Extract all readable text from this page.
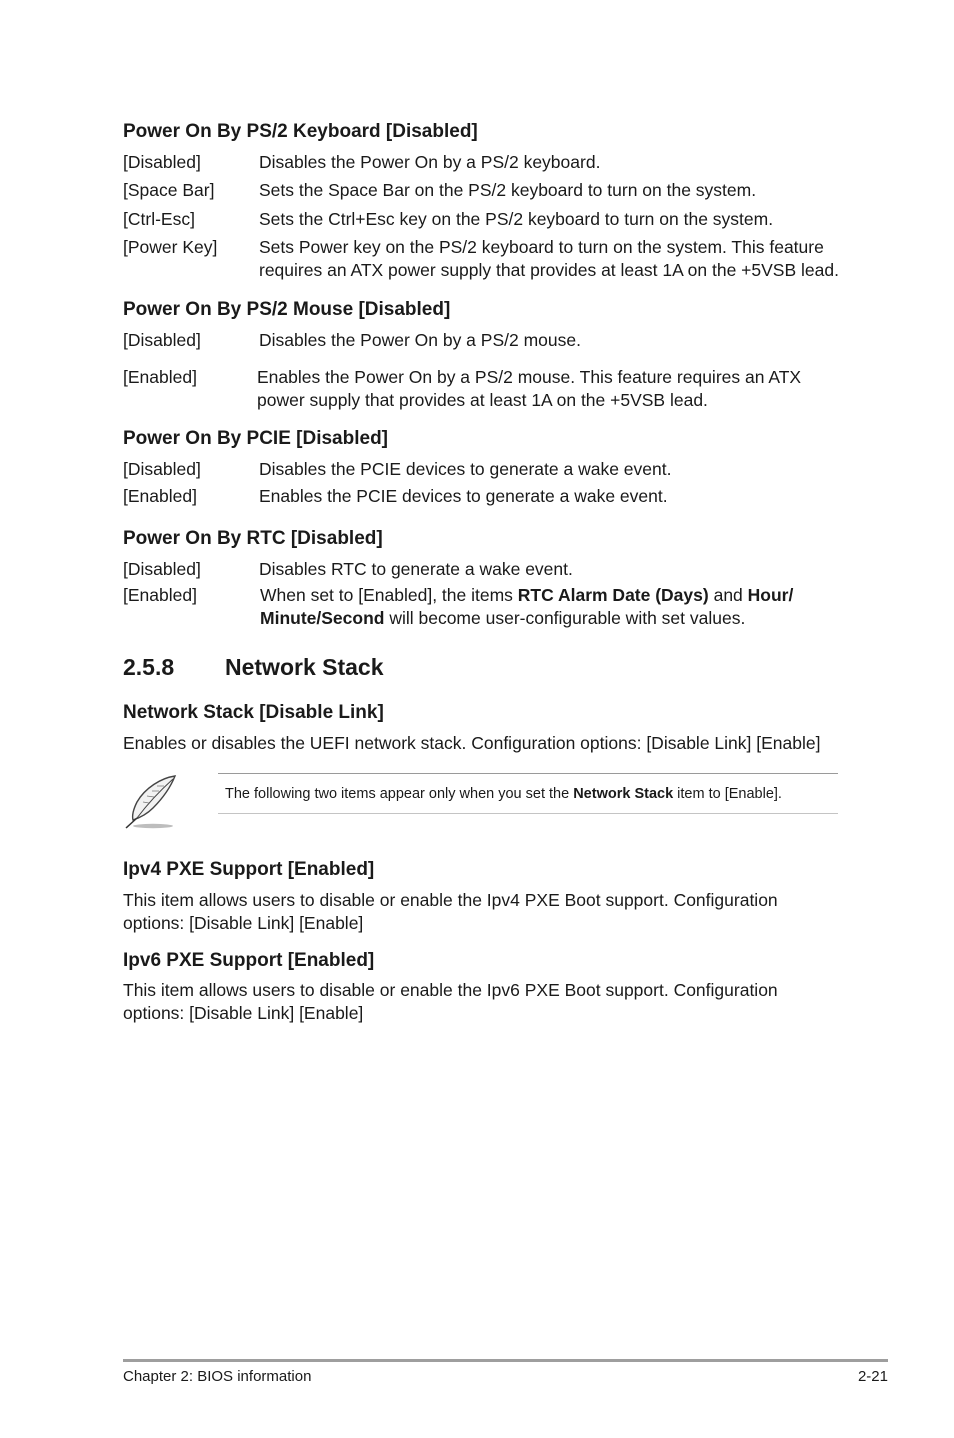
Power On By PS/2 Keyboard [Disabled]
[Disabled]	Disables the Power On by a PS/2 keyboard.
[Space Bar]	Sets the Space Bar on the PS/2 keyboard to turn on the system.
[Ctrl-Esc]	Sets the Ctrl+Esc key on the PS/2 keyboard to turn on the system.
[Power Key] Sets Power key on the PS/2 keyboard to turn on the system. This feature
requires an ATX power supply that provides at least 1A on the +5VSB lead.
Power On By PS/2 Mouse [Disabled]
[Disabled]	Disables the Power On by a PS/2 mouse.
[Enabled]	Enables the Power On by a PS/2 mouse. This feature requires an ATX
power supply that provides at least 1A on the +5VSB lead.
Power On By PCIE [Disabled]
[Disabled]	Disables the PCIE devices to generate a wake event.
[Enabled]	Enables the PCIE devices to generate a wake event.
Power On By RTC [Disabled]
[Disabled]	Disables RTC to generate a wake event.
[Enabled]	When set to [Enabled], the items RTC Alarm Date (Days) and Hour/
Minute/Second will become user-configurable with set values.
2.5.8 Network Stack
Network Stack [Disable Link]
Enables or disables the UEFI network stack. Configuration options: [Disable Link] [Enable]
The following two items appear only when you set the Network Stack item to [Enable].
Ipv4 PXE Support [Enabled]
This item allows users to disable or enable the Ipv4 PXE Boot support. Configuration
options: [Disable Link] [Enable]
Ipv6 PXE Support [Enabled]
This item allows users to disable or enable the Ipv6 PXE Boot support. Configuration
options: [Disable Link] [Enable]
Chapter 2: BIOS information	2-21
